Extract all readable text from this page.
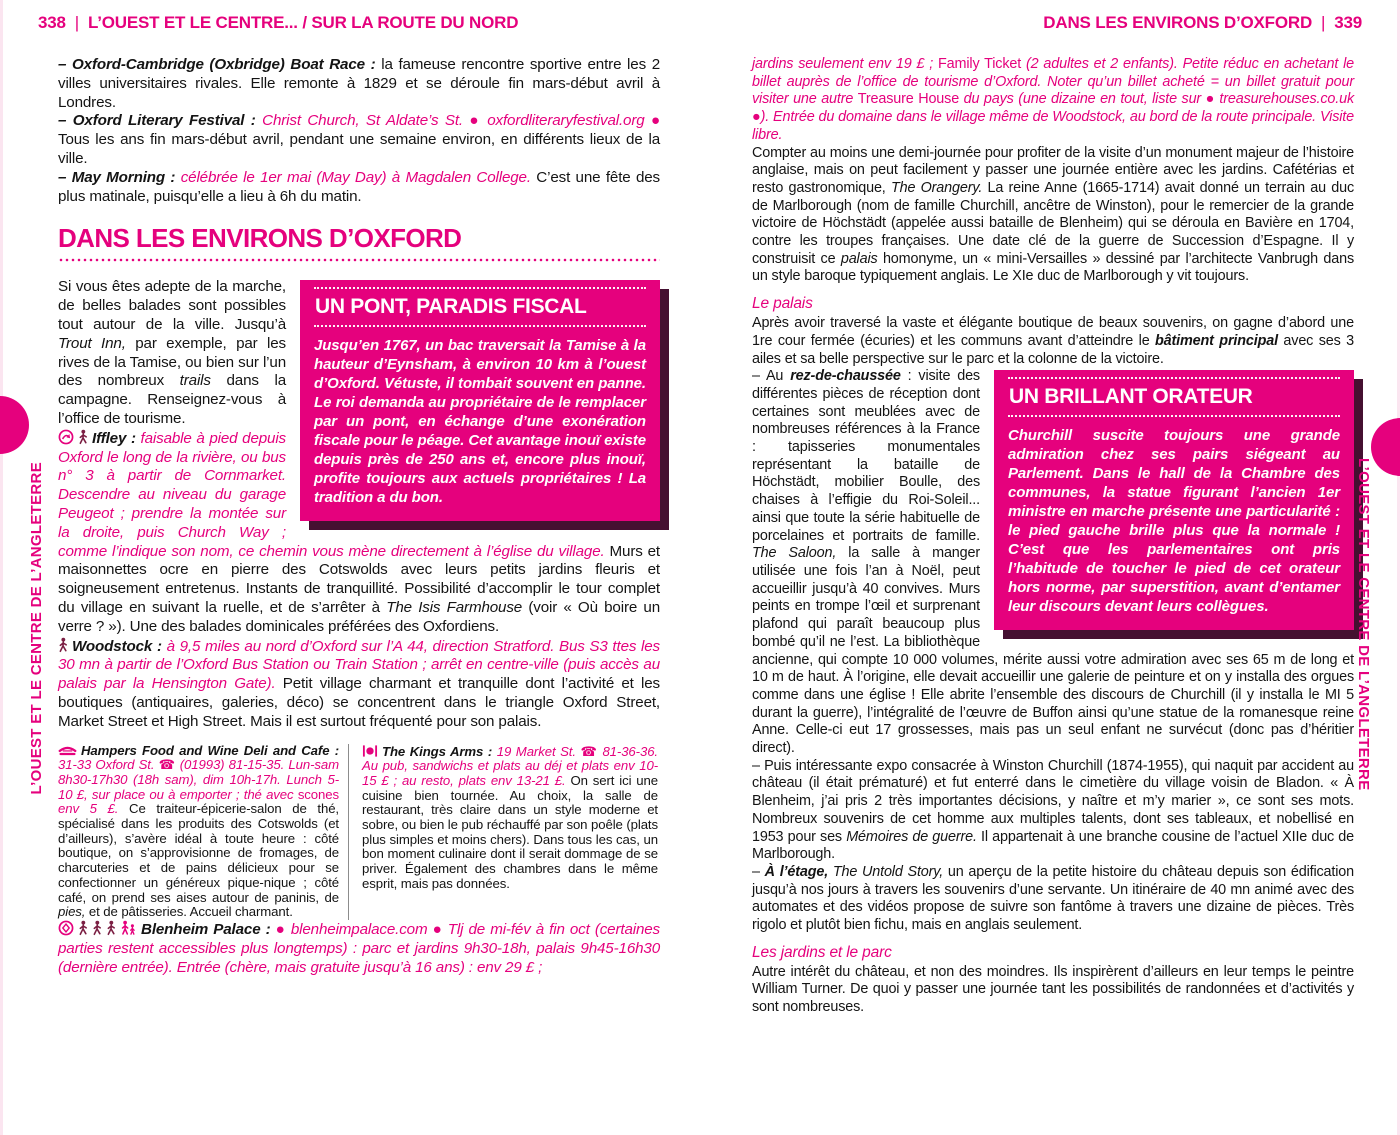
338 | L’OUEST ET LE CENTRE... / SUR LA ROUTE DU NORD	DANS LES ENVIRONS D’OXFORD | 339

– Oxford-Cambridge (Oxbridge) Boat Race : la fameuse rencontre sportive entre les 2 villes universitaires rivales. Elle remonte à 1829 et se déroule fin mars-début avril à Londres.

– Oxford Literary Festival : Christ Church, St Aldate’s St. ● oxfordliteraryfestival.org ● Tous les ans fin mars-début avril, pendant une semaine environ, en différents lieux de la ville.

– May Morning : célébrée le 1er mai (May Day) à Magdalen College. C’est une fête des plus matinale, puisqu’elle a lieu à 6h du matin.

DANS LES ENVIRONS D’OXFORD
UN PONT, PARADIS FISCAL
Jusqu’en 1767, un bac traversait la Tamise à la hauteur d’Eynsham, à environ 10 km à l’ouest d’Oxford. Vétuste, il tombait souvent en panne. Le roi demanda au propriétaire de le remplacer par un pont, en échange d’une exonération fiscale pour le péage. Cet avantage inouï existe depuis près de 250 ans et, encore plus inouï, profite toujours aux actuels propriétaires ! La tradition a du bon.

Si vous êtes adepte de la marche, de belles balades sont possibles tout autour de la ville. Jusqu’à Trout Inn, par exemple, par les rives de la Tamise, ou bien sur l’un des nombreux trails dans la campagne. Renseignez-vous à l’office de tourisme.

Iffley : faisable à pied depuis Oxford le long de la rivière, ou bus n° 3 à partir de Cornmarket. Descendre au niveau du garage Peugeot ; prendre la montée sur la droite, puis Church Way ; comme l’indique son nom, ce chemin vous mène directement à l’église du village. Murs et maisonnettes ocre en pierre des Cotswolds avec leurs petits jardins fleuris et soigneusement entretenus. Instants de tranquillité. Possibilité d’accomplir le tour complet du village en suivant la ruelle, et de s’arrêter à The Isis Farmhouse (voir « Où boire un verre ? »). Une des balades dominicales préférées des Oxfordiens.

Woodstock : à 9,5 miles au nord d’Oxford sur l’A 44, direction Stratford. Bus S3 ttes les 30 mn à partir de l’Oxford Bus Station ou Train Station ; arrêt en centre-ville (puis accès au palais par la Hensington Gate). Petit village charmant et tranquille dont l’activité et les boutiques (antiquaires, galeries, déco) se concentrent dans le triangle Oxford Street, Market Street et High Street. Mais il est surtout fréquenté pour son palais.

Hampers Food and Wine Deli and Cafe : 31-33 Oxford St. ☎ (01993) 81-15-35. Lun-sam 8h30-17h30 (18h sam), dim 10h-17h. Lunch 5-10 £, sur place ou à emporter ; thé avec scones env 5 £. Ce traiteur-épicerie-salon de thé, spécialisé dans les produits des Cotswolds (et d’ailleurs), s’avère idéal à toute heure : côté boutique, on s’approvisionne de fromages, de charcuteries et de pains délicieux pour se confectionner un généreux pique-nique ; côté café, on prend ses aises autour de paninis, de pies, et de pâtisseries. Accueil charmant.

The Kings Arms : 19 Market St. ☎ 81-36-36. Au pub, sandwichs et plats au déj et plats env 10-15 £ ; au resto, plats env 13-21 £. On sert ici une cuisine bien tournée. Au choix, la salle de restaurant, très claire dans un style moderne et sobre, ou bien le pub réchauffé par son poêle (plats plus simples et moins chers). Dans tous les cas, un bon moment culinaire dont il serait dommage de se priver. Également des chambres dans le même esprit, mais pas données.

Blenheim Palace : ● blenheimpalace.com ● Tlj de mi-fév à fin oct (certaines parties restent accessibles plus longtemps) : parc et jardins 9h30-18h, palais 9h45-16h30 (dernière entrée). Entrée (chère, mais gratuite jusqu’à 16 ans) : env 29 £ ;

jardins seulement env 19 £ ; Family Ticket (2 adultes et 2 enfants). Petite réduc en achetant le billet auprès de l’office de tourisme d’Oxford. Noter qu’un billet acheté = un billet gratuit pour visiter une autre Treasure House du pays (une dizaine en tout, liste sur ● treasurehouses.co.uk ●). Entrée du domaine dans le village même de Woodstock, au bord de la route principale. Visite libre.

Compter au moins une demi-journée pour profiter de la visite d’un monument majeur de l’histoire anglaise, mais on peut facilement y passer une journée entière avec les jardins. Cafétérias et resto gastronomique, The Orangery. La reine Anne (1665-1714) avait donné un terrain au duc de Marlborough (nom de famille Churchill, ancêtre de Winston), pour le remercier de la grande victoire de Höchstädt (appelée aussi bataille de Blenheim) qui se déroula en Bavière en 1704, contre les troupes françaises. Une date clé de la guerre de Succession d’Espagne. Il y construisit ce palais homonyme, un « mini-Versailles » dessiné par l’architecte Vanbrugh dans un style baroque typiquement anglais. Le XIe duc de Marlborough y vit toujours.

Le palais

Après avoir traversé la vaste et élégante boutique de beaux souvenirs, on gagne d’abord une 1re cour fermée (écuries) et les communs avant d’atteindre le bâtiment principal avec ses 3 ailes et sa belle perspective sur le parc et la colonne de la victoire.

UN BRILLANT ORATEUR
Churchill suscite toujours une grande admiration chez ses pairs siégeant au Parlement. Dans le hall de la Chambre des communes, la statue figurant l’ancien 1er ministre en marche présente une particularité : le pied gauche brille plus que la normale ! C’est que les parlementaires ont pris l’habitude de toucher le pied de cet orateur hors norme, par superstition, avant d’entamer leur discours devant leurs collègues.

– Au rez-de-chaussée : visite des différentes pièces de réception dont certaines sont meublées avec de nombreuses références à la France : tapisseries monumentales représentant la bataille de Höchstädt, mobilier Boulle, des chaises à l’effigie du Roi-Soleil... ainsi que toute la série habituelle de porcelaines et portraits de famille. The Saloon, la salle à manger utilisée une fois l’an à Noël, peut accueillir jusqu’à 40 convives. Murs peints en trompe l’œil et surprenant plafond qui paraît beaucoup plus bombé qu’il ne l’est. La bibliothèque ancienne, qui compte 10 000 volumes, mérite aussi votre admiration avec ses 65 m de long et 10 m de haut. À l’origine, elle devait accueillir une galerie de peinture et on y installa des orgues comme dans une église ! Elle abrite l’ensemble des discours de Churchill (il y installa le MI 5 durant la guerre), l’intégralité de l’œuvre de Buffon ainsi qu’une statue de la romanesque reine Anne. Celle-ci eut 17 grossesses, mais pas un seul enfant ne survécut (donc pas d’héritier direct).

– Puis intéressante expo consacrée à Winston Churchill (1874-1955), qui naquit par accident au château (il était prématuré) et fut enterré dans le cimetière du village voisin de Bladon. « À Blenheim, j’ai pris 2 très importantes décisions, y naître et m’y marier », ce sont ses mots. Nombreux souvenirs de cet homme aux multiples talents, dont ses tableaux, et nobellisé en 1953 pour ses Mémoires de guerre. Il appartenait à une branche cousine de l’actuel XIIe duc de Marlborough.

– À l’étage, The Untold Story, un aperçu de la petite histoire du château depuis son édification jusqu’à nos jours à travers les souvenirs d’une servante. Un itinéraire de 40 mn animé avec des automates et des vidéos propose de suivre son fantôme à travers une dizaine de pièces. Très rigolo et plutôt bien fichu, mais en anglais seulement.

Les jardins et le parc

Autre intérêt du château, et non des moindres. Ils inspirèrent d’ailleurs en leur temps le peintre William Turner. De quoi y passer une journée tant les possibilités de randonnées et d’activités y sont nombreuses.

L’OUEST ET LE CENTRE DE L’ANGLETERRE	L’OUEST ET LE CENTRE DE L’ANGLETERRE
